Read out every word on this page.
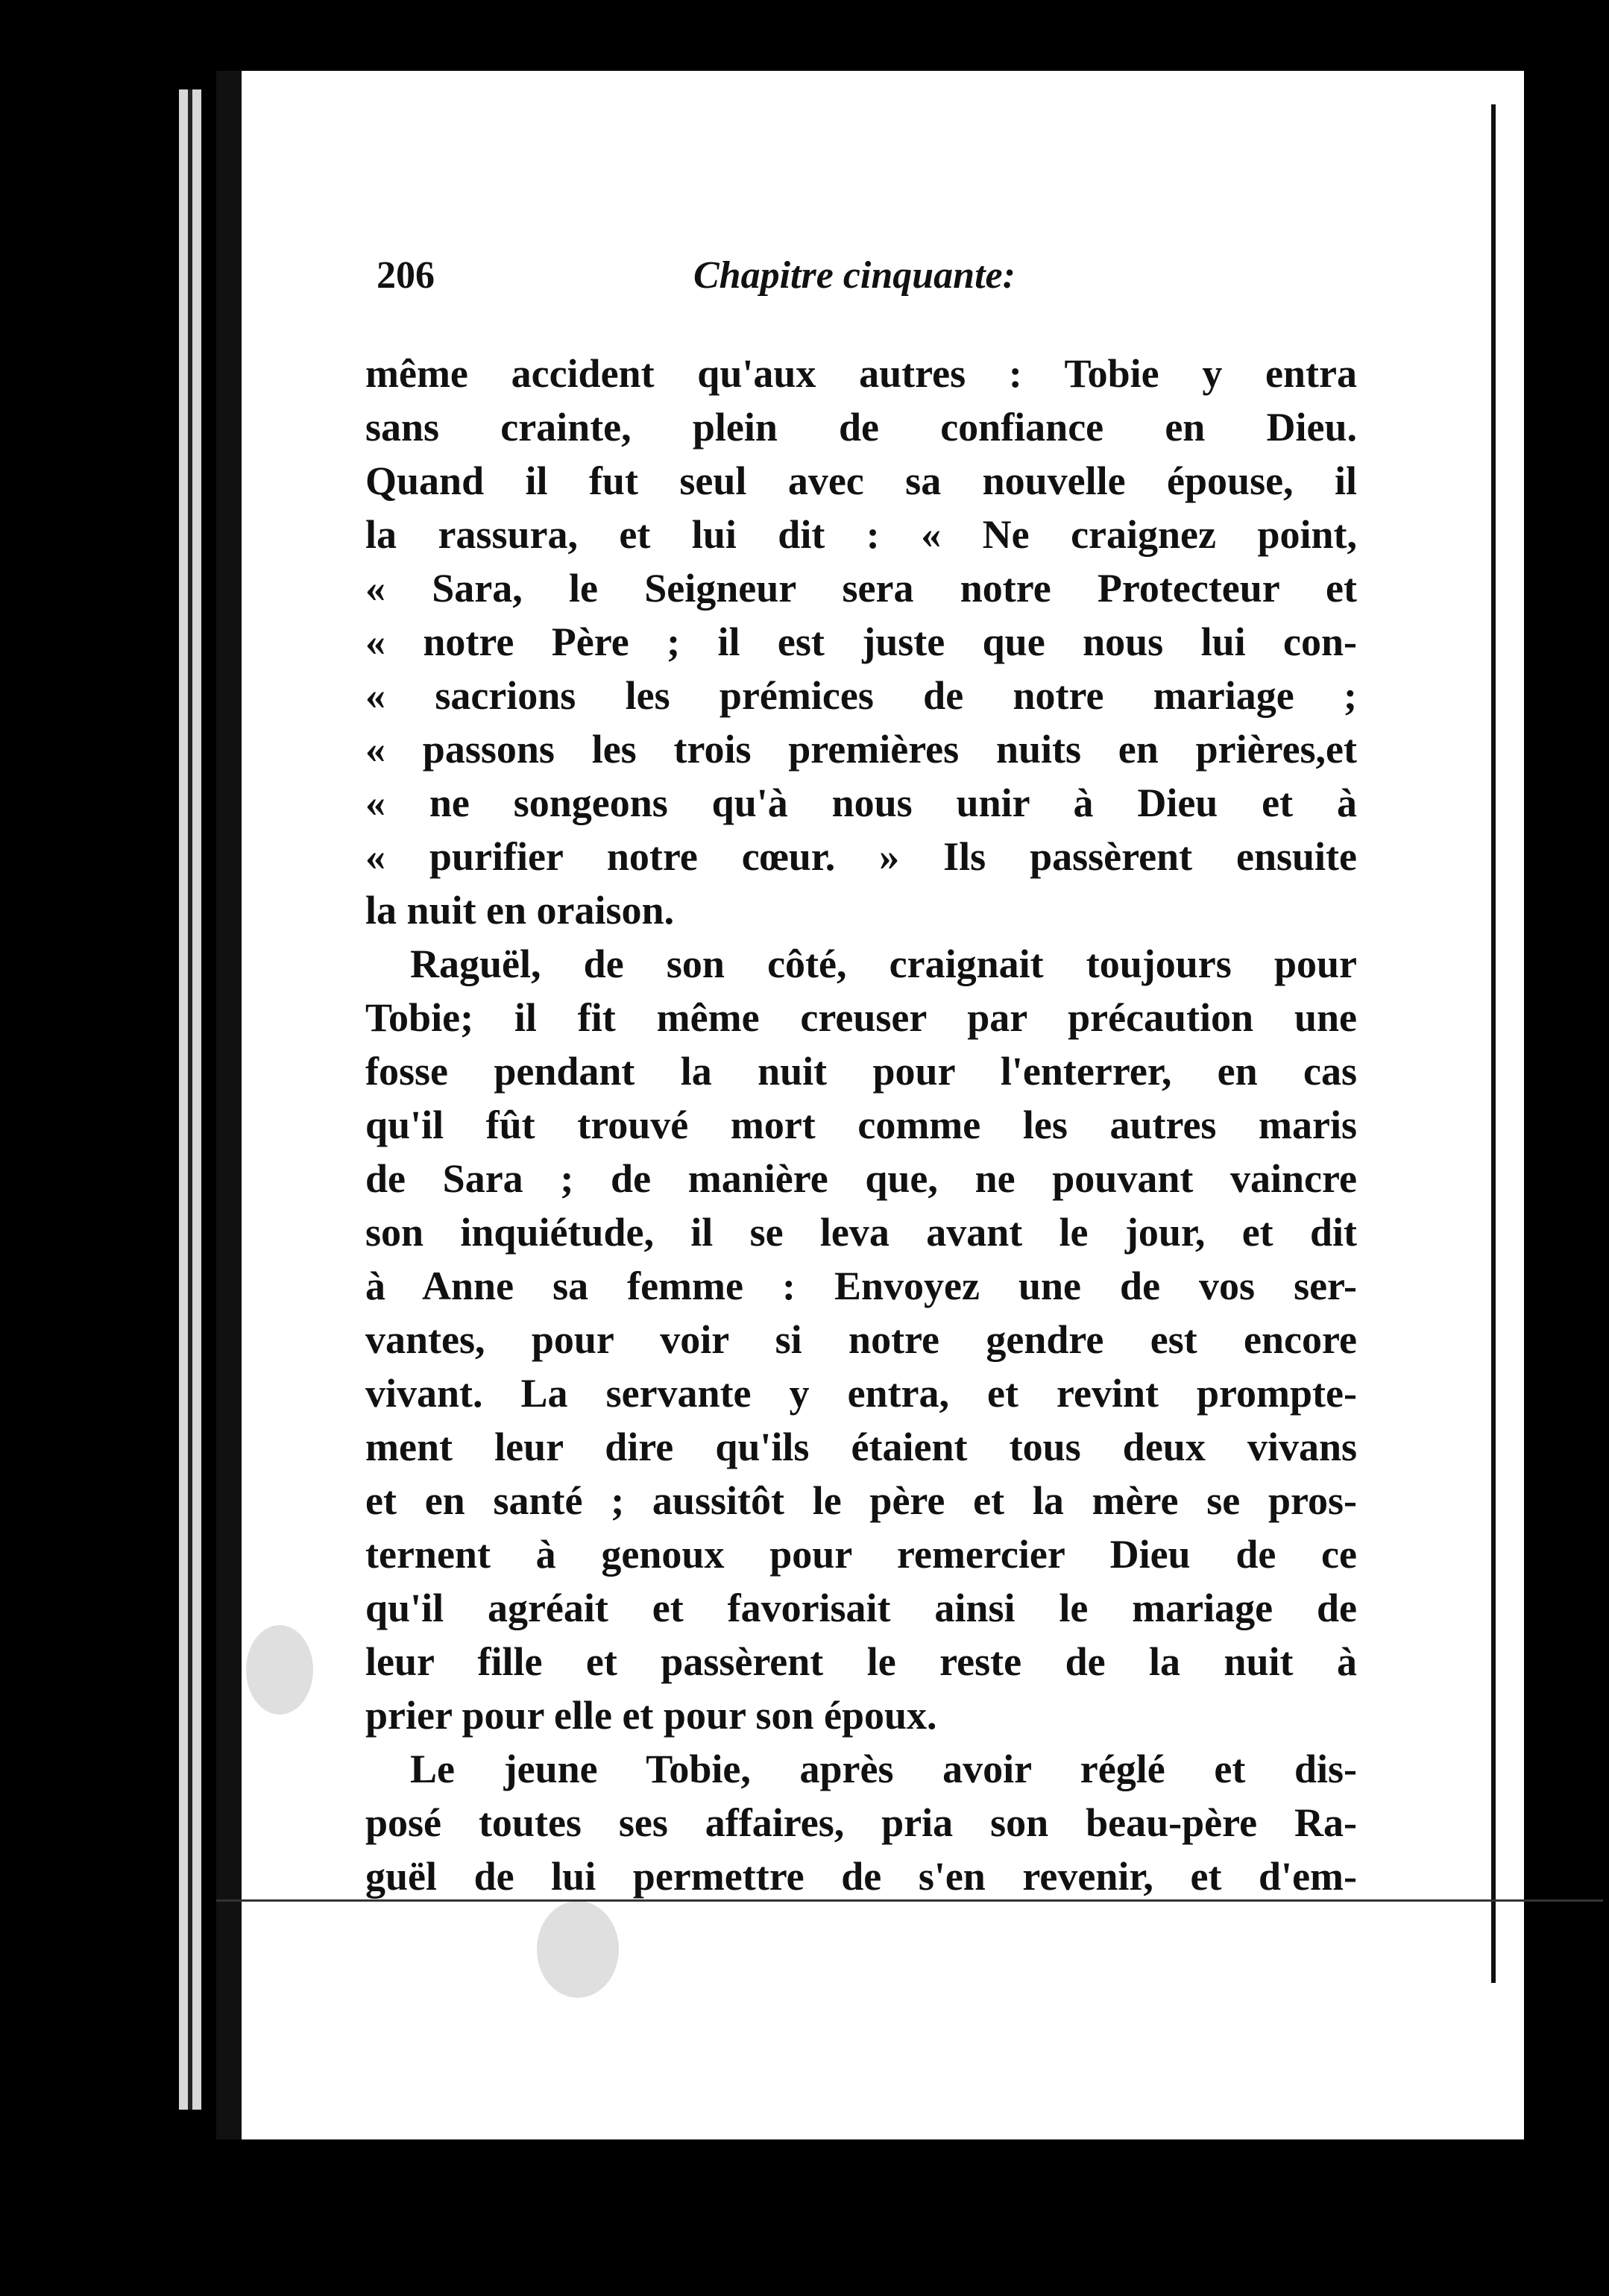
206	Chapitre cinquante:
même accident qu'aux autres : Tobie y entra
sans crainte, plein de confiance en Dieu.
Quand il fut seul avec sa nouvelle épouse, il
la rassura, et lui dit : « Ne craignez point,
« Sara, le Seigneur sera notre Protecteur et
« notre Père ; il est juste que nous lui con-
« sacrions les prémices de notre mariage ;
« passons les trois premières nuits en prières,et
« ne songeons qu'à nous unir à Dieu et à
« purifier notre cœur. » Ils passèrent ensuite
la nuit en oraison.
Raguël, de son côté, craignait toujours pour
Tobie; il fit même creuser par précaution une
fosse pendant la nuit pour l'enterrer, en cas
qu'il fût trouvé mort comme les autres maris
de Sara ; de manière que, ne pouvant vaincre
son inquiétude, il se leva avant le jour, et dit
à Anne sa femme : Envoyez une de vos ser-
vantes, pour voir si notre gendre est encore
vivant. La servante y entra, et revint prompte-
ment leur dire qu'ils étaient tous deux vivans
et en santé ; aussitôt le père et la mère se pros-
ternent à genoux pour remercier Dieu de ce
qu'il agréait et favorisait ainsi le mariage de
leur fille et passèrent le reste de la nuit à
prier pour elle et pour son époux.
Le jeune Tobie, après avoir réglé et dis-
posé toutes ses affaires, pria son beau-père Ra-
guël de lui permettre de s'en revenir, et d'em-
